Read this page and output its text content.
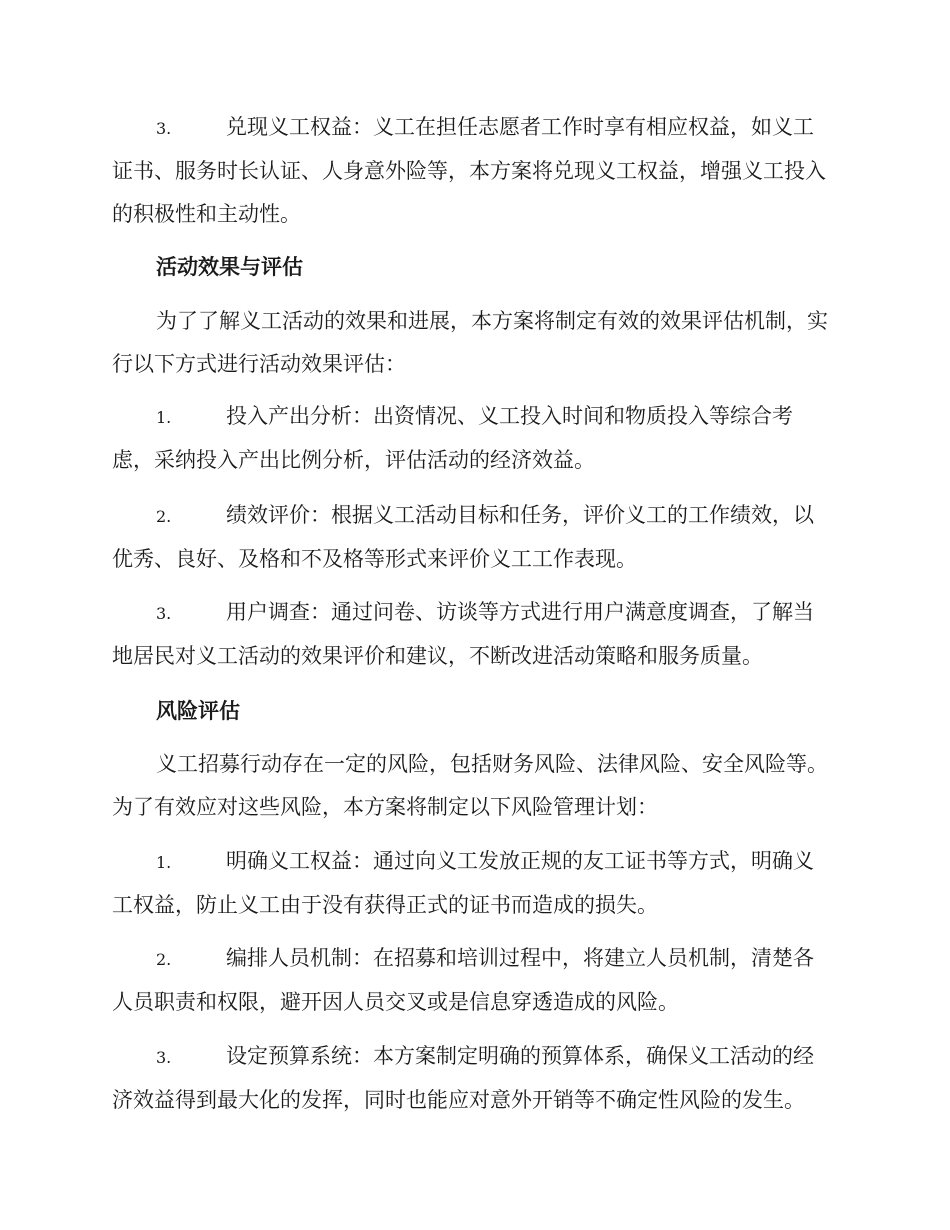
3.	兑现义工权益：义工在担任志愿者工作时享有相应权益，如义工证书、服务时长认证、人身意外险等，本方案将兑现义工权益，增强义工投入的积极性和主动性。

活动效果与评估

为了了解义工活动的效果和进展，本方案将制定有效的效果评估机制，实行以下方式进行活动效果评估：

1.	投入产出分析：出资情况、义工投入时间和物质投入等综合考虑，采纳投入产出比例分析，评估活动的经济效益。

2.	绩效评价：根据义工活动目标和任务，评价义工的工作绩效，以优秀、良好、及格和不及格等形式来评价义工工作表现。

3.	用户调查：通过问卷、访谈等方式进行用户满意度调查，了解当地居民对义工活动的效果评价和建议，不断改进活动策略和服务质量。

风险评估

义工招募行动存在一定的风险，包括财务风险、法律风险、安全风险等。为了有效应对这些风险，本方案将制定以下风险管理计划：

1.	明确义工权益：通过向义工发放正规的友工证书等方式，明确义工权益，防止义工由于没有获得正式的证书而造成的损失。

2.	编排人员机制：在招募和培训过程中，将建立人员机制，清楚各人员职责和权限，避开因人员交叉或是信息穿透造成的风险。

3.	设定预算系统：本方案制定明确的预算体系，确保义工活动的经济效益得到最大化的发挥，同时也能应对意外开销等不确定性风险的发生。
